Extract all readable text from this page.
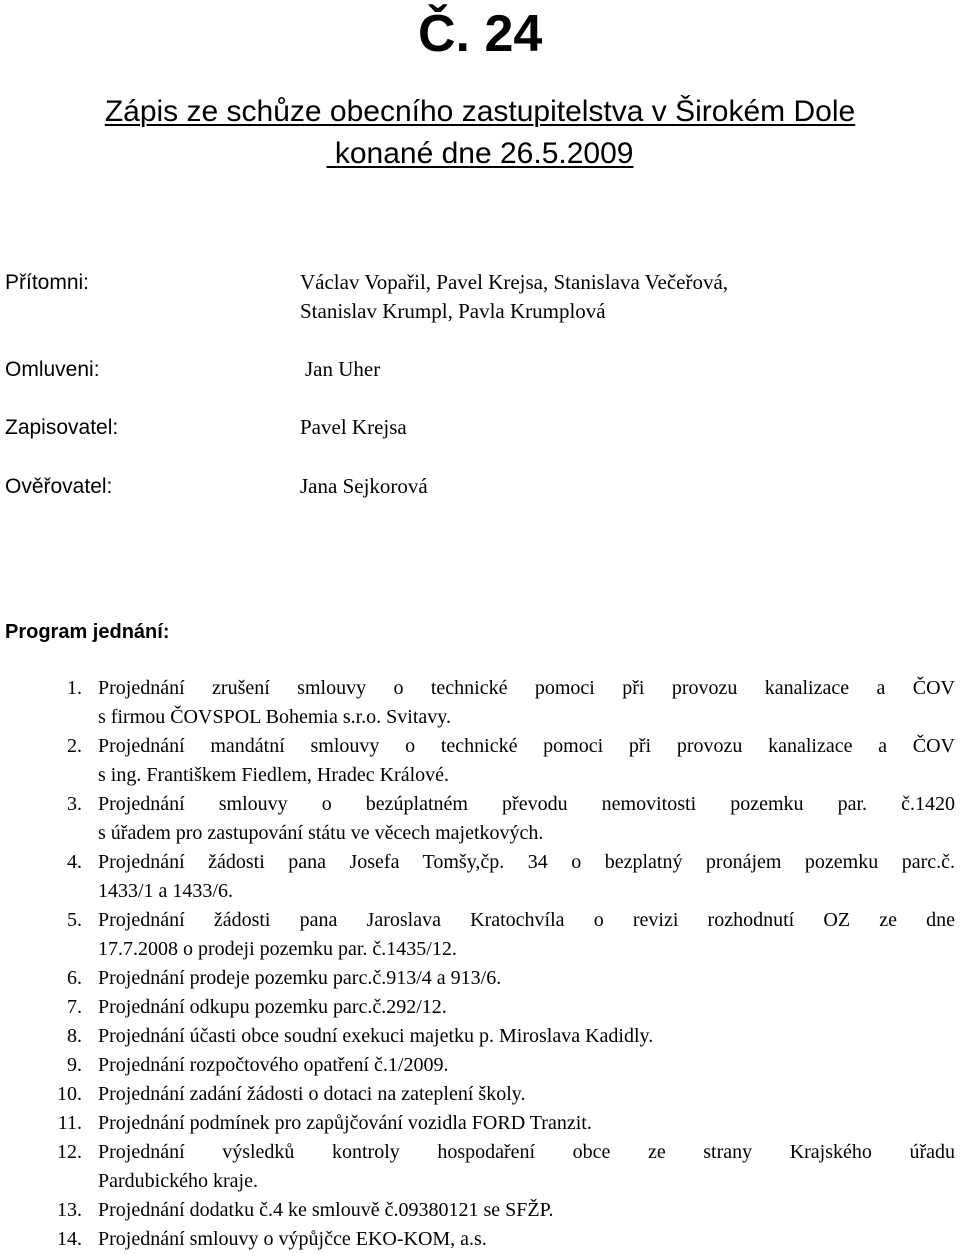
Č. 24
Zápis ze schůze obecního zastupitelstva v Širokém Dole
konané dne 26.5.2009
Přítomni:	Václav Vopařil, Pavel Krejsa, Stanislava Večeřová,
Stanislav Krumpl, Pavla Krumplová
Omluveni:	Jan Uher
Zapisovatel:	Pavel Krejsa
Ověřovatel:	Jana Sejkorová
Program jednání:
1. Projednání zrušení smlouvy o technické pomoci při provozu kanalizace a ČOV
s firmou ČOVSPOL Bohemia s.r.o. Svitavy.
2. Projednání mandátní smlouvy o technické pomoci při provozu kanalizace a ČOV
s ing. Františkem Fiedlem, Hradec Králové.
3. Projednání smlouvy o bezúplatném převodu nemovitosti pozemku par. č.1420
s úřadem pro zastupování státu ve věcech majetkových.
4. Projednání žádosti pana Josefa Tomšy,čp. 34 o bezplatný pronájem pozemku parc.č.
1433/1 a 1433/6.
5. Projednání žádosti pana Jaroslava Kratochvíla o revizi rozhodnutí OZ ze dne
17.7.2008 o prodeji pozemku par. č.1435/12.
6. Projednání prodeje pozemku parc.č.913/4 a 913/6.
7. Projednání odkupu pozemku parc.č.292/12.
8. Projednání účasti obce soudní exekuci majetku p. Miroslava Kadidly.
9. Projednání rozpočtového opatření č.1/2009.
10. Projednání zadání žádosti o dotaci na zateplení školy.
11. Projednání podmínek pro zapůjčování vozidla FORD Tranzit.
12. Projednání výsledků kontroly hospodaření obce ze strany Krajského úřadu
Pardubického kraje.
13. Projednání dodatku č.4 ke smlouvě č.09380121 se SFŽP.
14. Projednání smlouvy o výpůjčce EKO-KOM, a.s.
